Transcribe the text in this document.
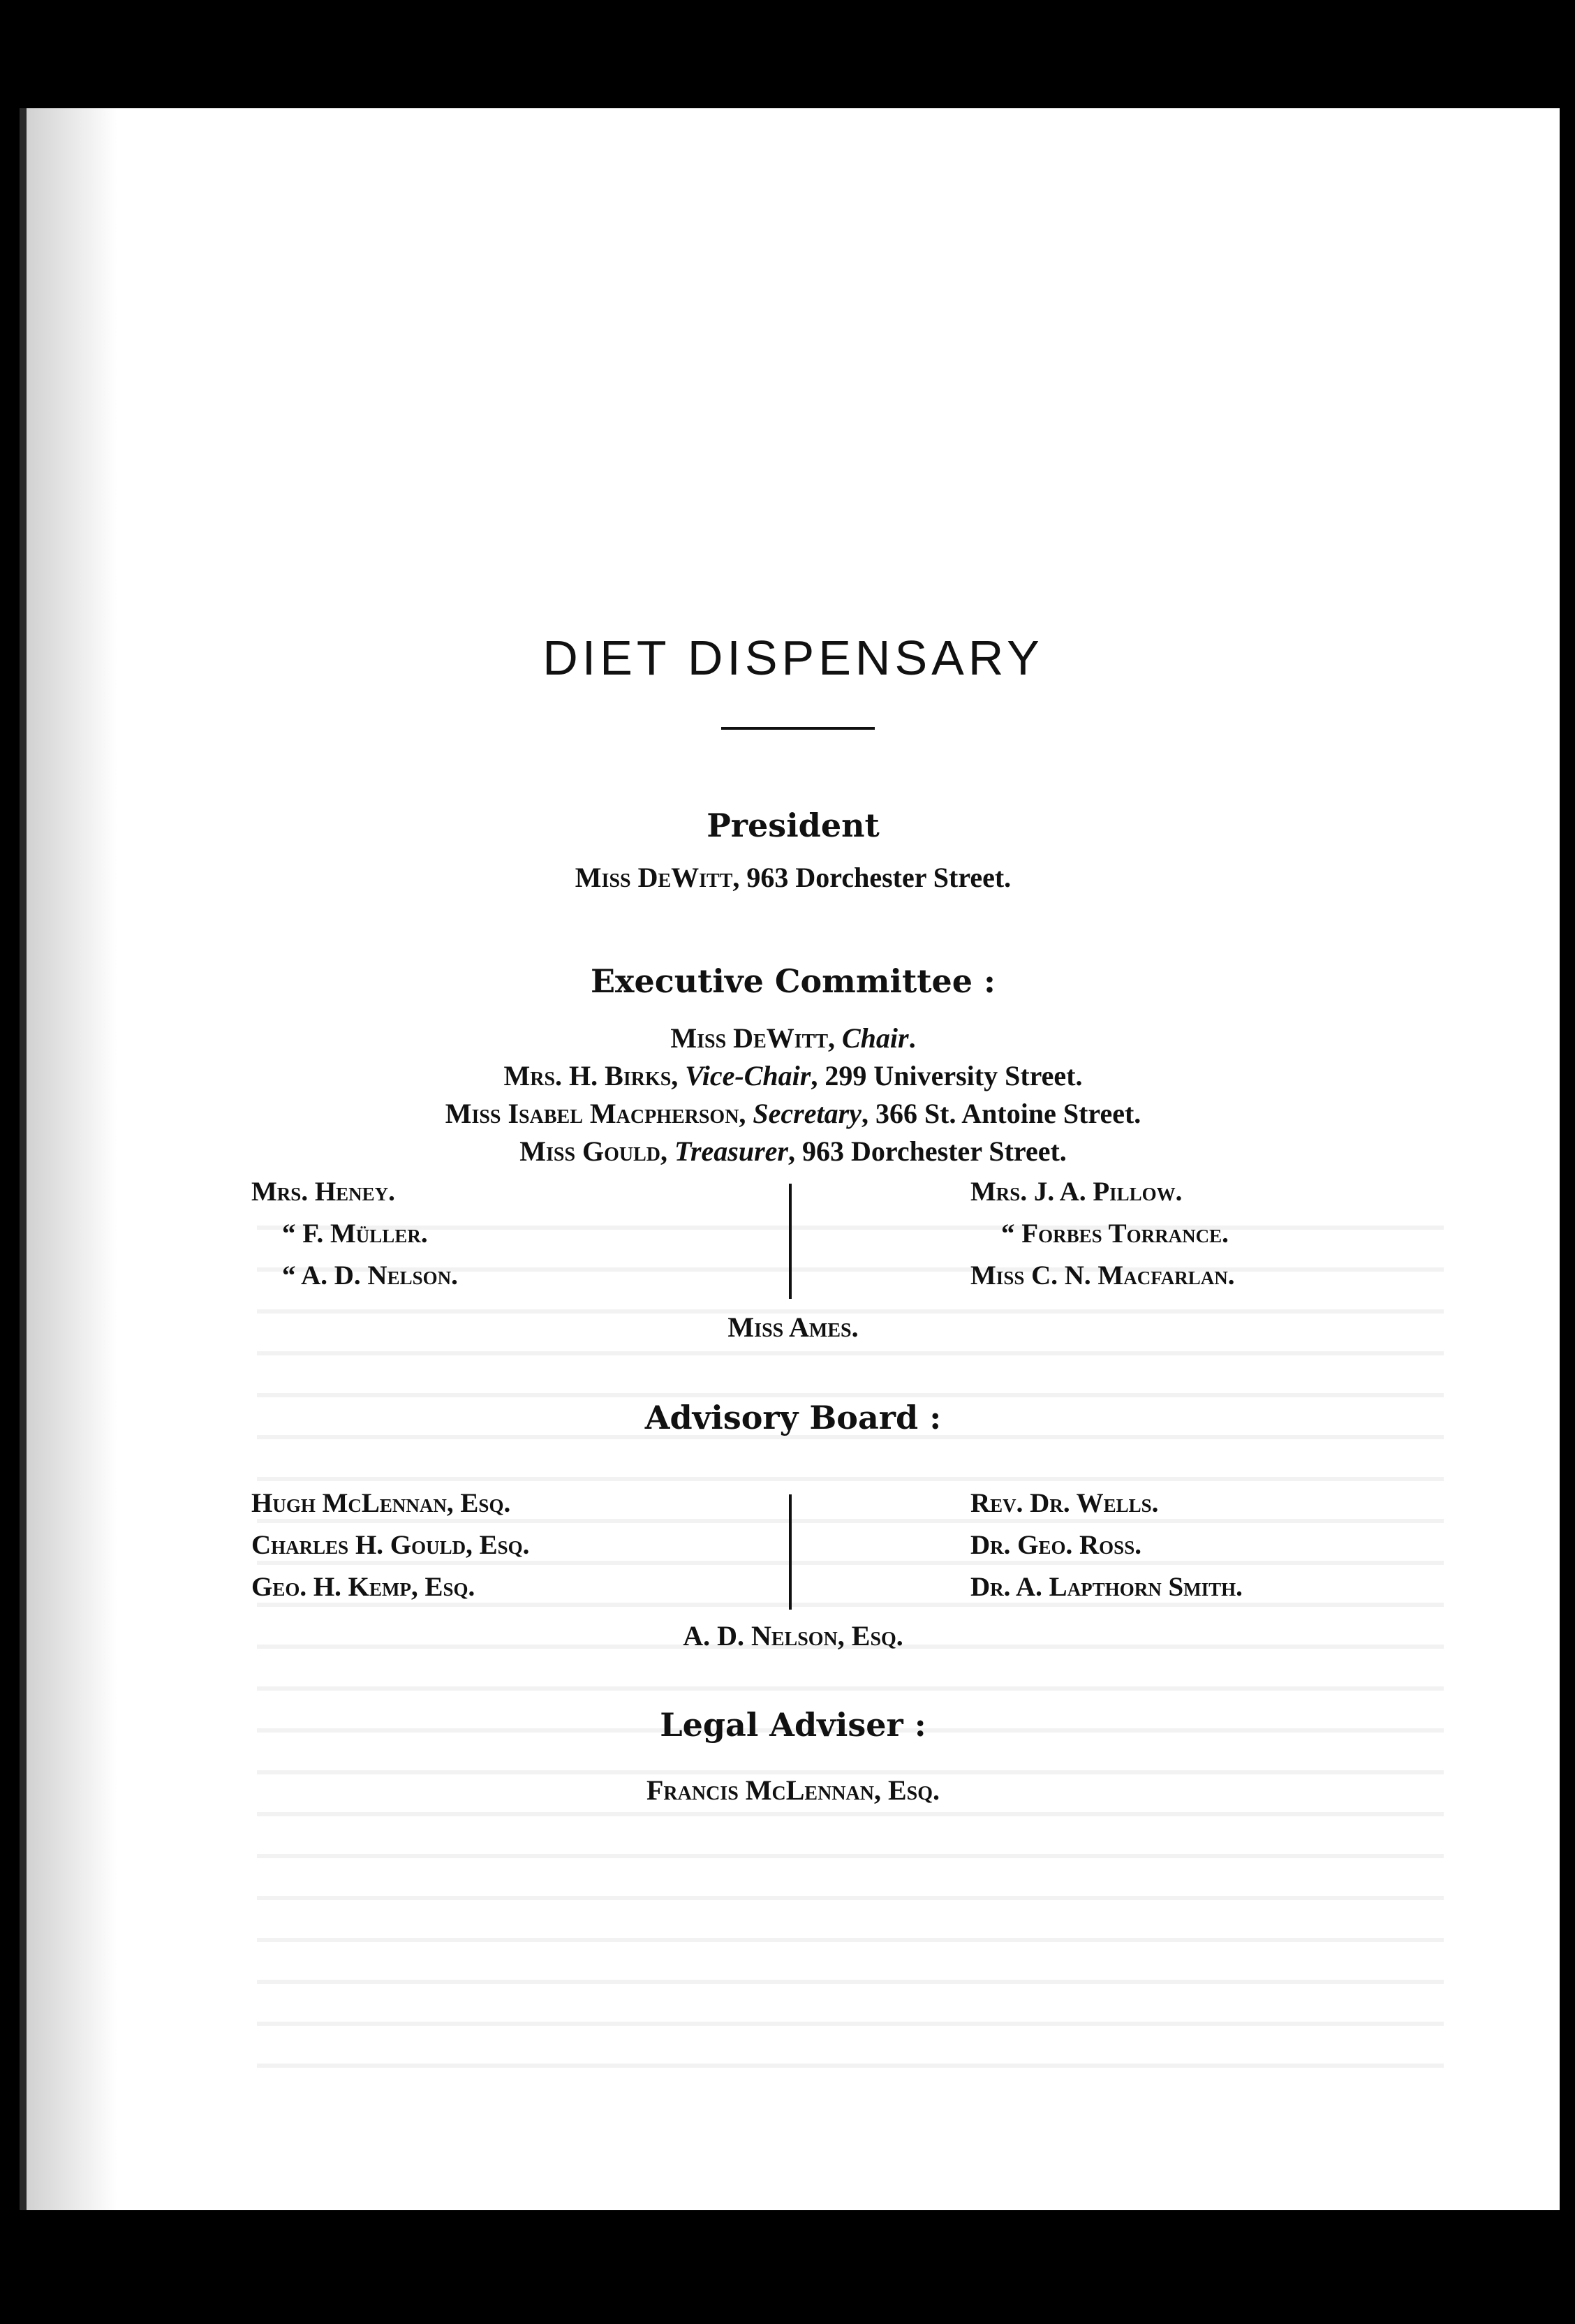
DIET DISPENSARY
President
Miss DeWitt, 963 Dorchester Street.
Executive Committee :
Miss DeWitt, Chair.
Mrs. H. Birks, Vice-Chair, 299 University Street.
Miss Isabel Macpherson, Secretary, 366 St. Antoine Street.
Miss Gould, Treasurer, 963 Dorchester Street.
Mrs. Heney.
“ F. Müller.
“ A. D. Nelson.
Mrs. J. A. Pillow.
“ Forbes Torrance.
Miss C. N. Macfarlan.
Miss Ames.
Advisory Board :
Hugh McLennan, Esq.
Charles H. Gould, Esq.
Geo. H. Kemp, Esq.
Rev. Dr. Wells.
Dr. Geo. Ross.
Dr. A. Lapthorn Smith.
A. D. Nelson, Esq.
Legal Adviser :
Francis McLennan, Esq.
